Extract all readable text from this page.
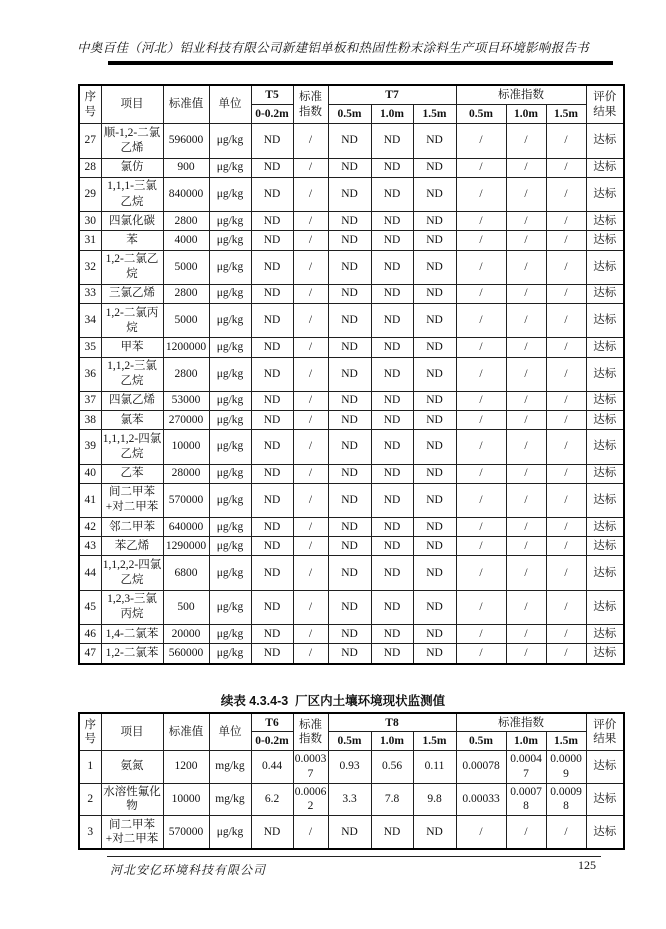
中奥百佳（河北）铝业科技有限公司新建铝单板和热固性粉末涂料生产项目环境影响报告书
序号	项目	标准值	单位	T5	标准指数	T7			标准指数			评价 结果
				0-0.2m		0.5m	1.0m	1.5m	0.5m	1.0m	1.5m	
27	顺-1,2-二氯乙烯	596000	μg/kg	ND	/	ND	ND	ND	/	/	/	达标
28	氯仿	900	μg/kg	ND	/	ND	ND	ND	/	/	/	达标
29	1,1,1-三氯乙烷	840000	μg/kg	ND	/	ND	ND	ND	/	/	/	达标
30	四氯化碳	2800	μg/kg	ND	/	ND	ND	ND	/	/	/	达标
31	苯	4000	μg/kg	ND	/	ND	ND	ND	/	/	/	达标
32	1,2-二氯乙烷	5000	μg/kg	ND	/	ND	ND	ND	/	/	/	达标
33	三氯乙烯	2800	μg/kg	ND	/	ND	ND	ND	/	/	/	达标
34	1,2-二氯丙烷	5000	μg/kg	ND	/	ND	ND	ND	/	/	/	达标
35	甲苯	1200000	μg/kg	ND	/	ND	ND	ND	/	/	/	达标
36	1,1,2-三氯乙烷	2800	μg/kg	ND	/	ND	ND	ND	/	/	/	达标
37	四氯乙烯	53000	μg/kg	ND	/	ND	ND	ND	/	/	/	达标
38	氯苯	270000	μg/kg	ND	/	ND	ND	ND	/	/	/	达标
39	1,1,1,2-四氯乙烷	10000	μg/kg	ND	/	ND	ND	ND	/	/	/	达标
40	乙苯	28000	μg/kg	ND	/	ND	ND	ND	/	/	/	达标
41	间二甲苯+对二甲苯	570000	μg/kg	ND	/	ND	ND	ND	/	/	/	达标
42	邻二甲苯	640000	μg/kg	ND	/	ND	ND	ND	/	/	/	达标
43	苯乙烯	1290000	μg/kg	ND	/	ND	ND	ND	/	/	/	达标
44	1,1,2,2-四氯乙烷	6800	μg/kg	ND	/	ND	ND	ND	/	/	/	达标
45	1,2,3-三氯丙烷	500	μg/kg	ND	/	ND	ND	ND	/	/	/	达标
46	1,4-二氯苯	20000	μg/kg	ND	/	ND	ND	ND	/	/	/	达标
47	1,2-二氯苯	560000	μg/kg	ND	/	ND	ND	ND	/	/	/	达标
续表 4.3.4-3  厂区内土壤环境现状监测值
序号	项目	标准值	单位	T6	标准指数	T8			标准指数			评价 结果
				0-0.2m		0.5m	1.0m	1.5m	0.5m	1.0m	1.5m	
1	氨氮	1200	mg/kg	0.44	0.00037	0.93	0.56	0.11	0.00078	0.00047	0.00009	达标
2	水溶性氟化物	10000	mg/kg	6.2	0.00062	3.3	7.8	9.8	0.00033	0.00078	0.00098	达标
3	间二甲苯+对二甲苯	570000	μg/kg	ND	/	ND	ND	ND	/	/	/	达标
河北安亿环境科技有限公司	125
